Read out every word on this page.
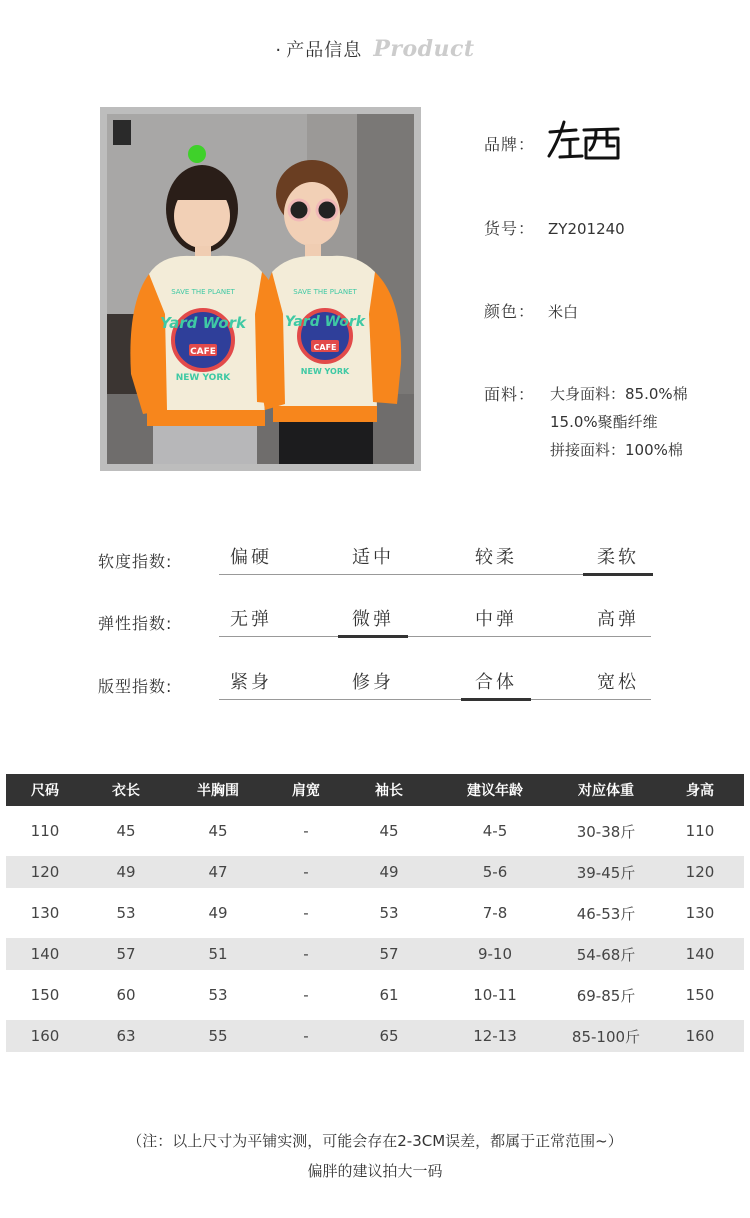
· 产品信息 Product
SAVE THE PLANET
Yard Work
CAFE
NEW YORK
SAVE THE PLANET
Yard Work
CAFE
NEW YORK
品牌：
货号： ZY201240
颜色： 米白
面料： 大身面料：85.0%棉
15.0%聚酯纤维
拼接面料：100%棉
软度指数:	偏硬	适中	较柔	柔软
弹性指数:	无弹	微弹	中弹	高弹
版型指数:	紧身	修身	合体	宽松
尺码	衣长	半胸围	肩宽	袖长	建议年龄	对应体重	身高
110	45	45	-	45	4-5	30-38斤	110
120	49	47	-	49	5-6	39-45斤	120
130	53	49	-	53	7-8	46-53斤	130
140	57	51	-	57	9-10	54-68斤	140
150	60	53	-	61	10-11	69-85斤	150
160	63	55	-	65	12-13	85-100斤	160
（注：以上尺寸为平铺实测，可能会存在2-3CM误差，都属于正常范围~）
偏胖的建议拍大一码
